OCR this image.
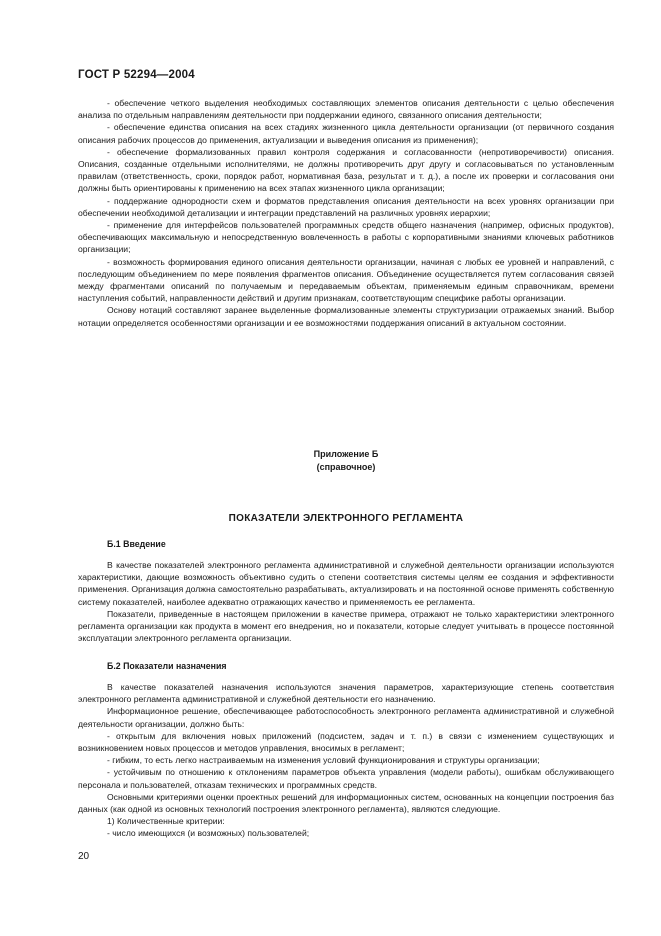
ГОСТ Р 52294—2004

- обеспечение четкого выделения необходимых составляющих элементов описания деятельности с целью обеспечения анализа по отдельным направлениям деятельности при поддержании единого, связанного описания деятельности;

- обеспечение единства описания на всех стадиях жизненного цикла деятельности организации (от первичного создания описания рабочих процессов до применения, актуализации и выведения описания из применения);

- обеспечение формализованных правил контроля содержания и согласованности (непротиворечивости) описания. Описания, созданные отдельными исполнителями, не должны противоречить друг другу и согласовываться по установленным правилам (ответственность, сроки, порядок работ, нормативная база, результат и т. д.), а после их проверки и согласования они должны быть ориентированы к применению на всех этапах жизненного цикла организации;

- поддержание однородности схем и форматов представления описания деятельности на всех уровнях организации при обеспечении необходимой детализации и интеграции представлений на различных уровнях иерархии;

- применение для интерфейсов пользователей программных средств общего назначения (например, офисных продуктов), обеспечивающих максимальную и непосредственную вовлеченность в работы с корпоративными знаниями ключевых работников организации;

- возможность формирования единого описания деятельности организации, начиная с любых ее уровней и направлений, с последующим объединением по мере появления фрагментов описания. Объединение осуществляется путем согласования связей между фрагментами описаний по получаемым и передаваемым объектам, применяемым единым справочникам, времени наступления событий, направленности действий и другим признакам, соответствующим специфике работы организации.

Основу нотаций составляют заранее выделенные формализованные элементы структуризации отражаемых знаний. Выбор нотации определяется особенностями организации и ее возможностями поддержания описаний в актуальном состоянии.

Приложение Б
(справочное)
ПОКАЗАТЕЛИ ЭЛЕКТРОННОГО РЕГЛАМЕНТА
Б.1 Введение

В качестве показателей электронного регламента административной и служебной деятельности организации используются характеристики, дающие возможность объективно судить о степени соответствия системы целям ее создания и эффективности применения. Организация должна самостоятельно разрабатывать, актуализировать и на постоянной основе применять собственную систему показателей, наиболее адекватно отражающих качество и применяемость ее регламента.

Показатели, приведенные в настоящем приложении в качестве примера, отражают не только характеристики электронного регламента организации как продукта в момент его внедрения, но и показатели, которые следует учитывать в процессе постоянной эксплуатации электронного регламента организации.

Б.2 Показатели назначения

В качестве показателей назначения используются значения параметров, характеризующие степень соответствия электронного регламента административной и служебной деятельности его назначению.

Информационное решение, обеспечивающее работоспособность электронного регламента административной и служебной деятельности организации, должно быть:

- открытым для включения новых приложений (подсистем, задач и т. п.) в связи с изменением существующих и возникновением новых процессов и методов управления, вносимых в регламент;

- гибким, то есть легко настраиваемым на изменения условий функционирования и структуры организации;

- устойчивым по отношению к отклонениям параметров объекта управления (модели работы), ошибкам обслуживающего персонала и пользователей, отказам технических и программных средств.

Основными критериями оценки проектных решений для информационных систем, основанных на концепции построения баз данных (как одной из основных технологий построения электронного регламента), являются следующие.

1) Количественные критерии:

- число имеющихся (и возможных) пользователей;

20
